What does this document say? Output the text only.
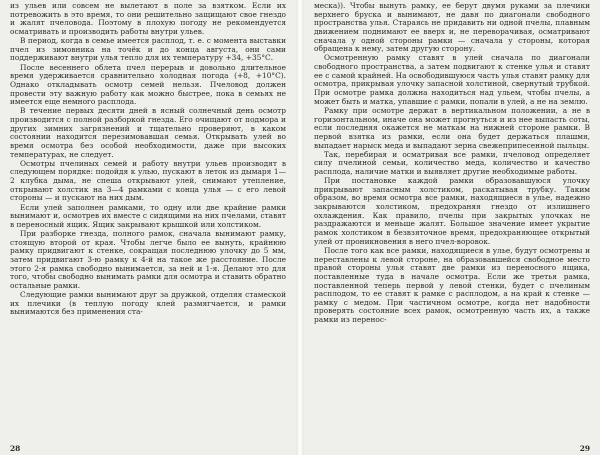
из ульев или совсем не вылетают в поле за взятком. Если их потревожить в это время, то они решительно защищают свое гнездо и жалят пчеловода. Поэтому в плохую погоду не рекомендуется осматривать и производить работы внутри ульев.

В период, когда в семье имеется расплод, т. е. с момента выставки пчел из зимовника на точёк и до конца августа, они сами поддерживают внутри улья тепло для их температуру +34, +35°С.

После весеннего облета пчел перерыв и довольно длительное время удерживается сравнительно холодная погода (+8, +10°С). Однако откладывать осмотр семей нельзя. Пчеловод должен провести эту важную работу как можно быстрее, пока в семьях не имеется еще немного расплода.

В течение первых десяти дней в ясный солнечный день осмотр производится с полной разборкой гнезда. Его очищают от подмора и других зимних загрязнений и тщательно проверяют, в каком состоянии находится перезимовавшая семья. Открывать улей во время осмотра без особой необходимости, даже при высоких температурах, не следует.

Осмотры пчелиных семей и работу внутри ульев производят в следующем порядке: подойдя к улью, пускают в леток из дымаря 1—2 клубка дыма, не спеша открывают улей, снимают утепление, открывают холстик на 3—4 рамками с конца улья — с его левой стороны — и пускают на них дым.

Если улей заполнен рамками, то одну или две крайние рамки вынимают и, осмотрев их вместе с сидящими на них пчелами, ставят в переносный ящик. Ящик закрывают крышкой или холстиком.

При разборке гнезда, полного рамок, сначала вынимают рамку, стоящую второй от края. Чтобы легче было ее вынуть, крайнюю рамку придвигают к стенке, сокращая последнюю улочку до 5 мм, затем придвигают 3-ю рамку к 4-й на такое же расстояние. После этого 2-я рамка свободно вынимается, за ней и 1-я. Делают это для того, чтобы свободно вынимать рамки для осмотра и ставить обратно остальные рамки.

Следующие рамки вынимают друг за дружкой, отделяя стамеской их плечики (в теплую погоду клей размягчается, и рамки вынимаются без применения ста-

28

меска)). Чтобы вынуть рамку, ее берут двумя руками за плечики верхнего бруска и вынимают, не давя по диагонали свободного пространства улья. Стараясь не придавить ни одной пчелы, плавным движением поднимают ее вверх и, не переворачивая, осматривают сначала у одной стороны рамки — сначала у стороны, которая обращена к нему, затем другую сторону.

Осмотренную рамку ставят в улей сначала по диагонали свободного пространства, а затем подвигают к стенке улья и ставят ее с самой крайней. На освободившуюся часть улья ставят рамку для осмотра, прикрывая улочку запасной холстиной, свернутый трубкой. При осмотре рамка должна находиться над ульем, чтобы пчелы, а может быть и матка, упавшие с рамки, попали в улей, а не на землю.

Рамку при осмотре держат в вертикальном положении, а не в горизонтальном, иначе она может прогнуться и из нее выпасть соты, если последняя окажется не маткам на нижней стороне рамки. В первой взятка из рамки, если она будет держаться плашмя, выпадает нарыск меда и выпадают зерна свежеприпесенной пыльцы.

Так, перебирая и осматривая все рамки, пчеловод определяет силу пчелиной семьи, количество меда, количество и качество расплода, наличие матки и выявляет другие необходимые работы.

При постановке каждой рамки образовавшуюся улочку прикрывают запасным холстиком, раскатывая трубку. Таким образом, во время осмотра все рамки, находящиеся в улье, надежно закрываются холстиком, предохраняя гнездо от излишнего охлаждения. Как правило, пчелы при закрытых улочках не раздражаются и меньше жалят. Большое значение имеет укрытие рамок холстиком в безвзяточное время, предохраняющее открытый улей от проникновения в него пчел-воровок.

После того как все рамки, находящиеся в улье, будут осмотрены и переставлены к левой стороне, на образовавшейся свободное место правой стороны улья ставят две рамки из переносного ящика, поставленные туда в начале осмотра. Если же третья рамка, поставленной теперь первой у левой стенки, будет с пчелиным расплодом, то ее ставят к рамке с расплодом, а на край к стенке — рамку с медом. При частичном осмотре, когда нет надобности проверять состояние всех рамок, осмотренную часть их, а также рамки из перенос-

29
